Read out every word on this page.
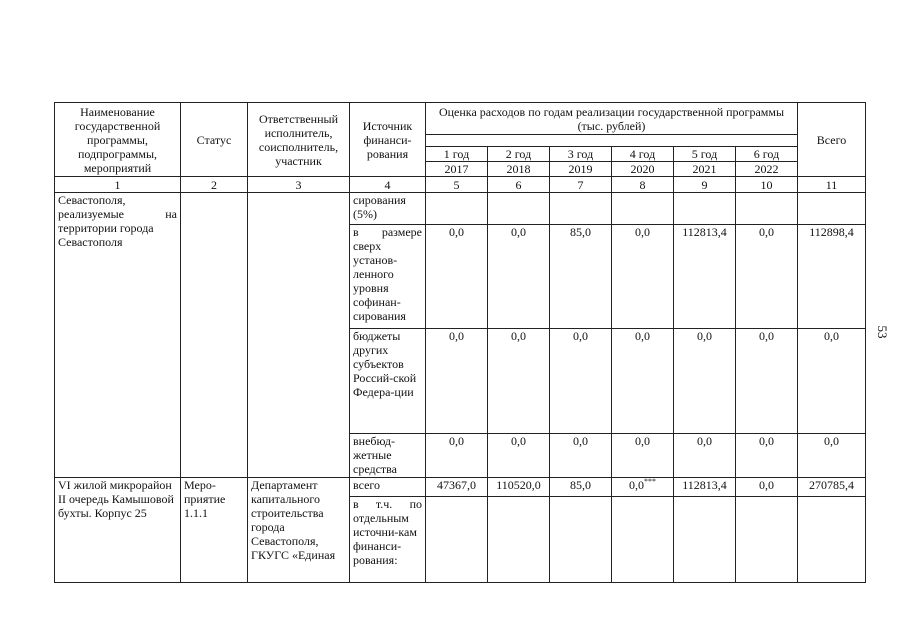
Наименование государственной программы, подпрограммы, мероприятий	Статус	Ответственный исполнитель, соисполнитель, участник	Источник финанси-рования	Оценка расходов по годам реализации государственной программы (тыс. рублей)						Всего

				1 год	2 год	3 год	4 год	5 год	6 год	
				2017	2018	2019	2020	2021	2022	
1	2	3	4	5	6	7	8	9	10	11

Севастополя,
реализуемые на
территории города
Севастополя			сирования (5%)							
			в размере сверх установ-ленного уровня софинан-сирования	0,0	0,0	85,0	0,0	112813,4	0,0	112898,4
			бюджеты других субъектов Россий-ской Федера-ции	0,0	0,0	0,0	0,0	0,0	0,0	0,0
			внебюд-жетные средства	0,0	0,0	0,0	0,0	0,0	0,0	0,0
VI жилой микрорайон II очередь Камышовой бухты. Корпус 25	Меро-приятие 1.1.1	Департамент капитального строительства города Севастополя, ГКУГС «Единая	всего	47367,0	110520,0	85,0	0,0***	112813,4	0,0	270785,4
			в т.ч. по отдельным источни-кам финанси-рования:							
53
